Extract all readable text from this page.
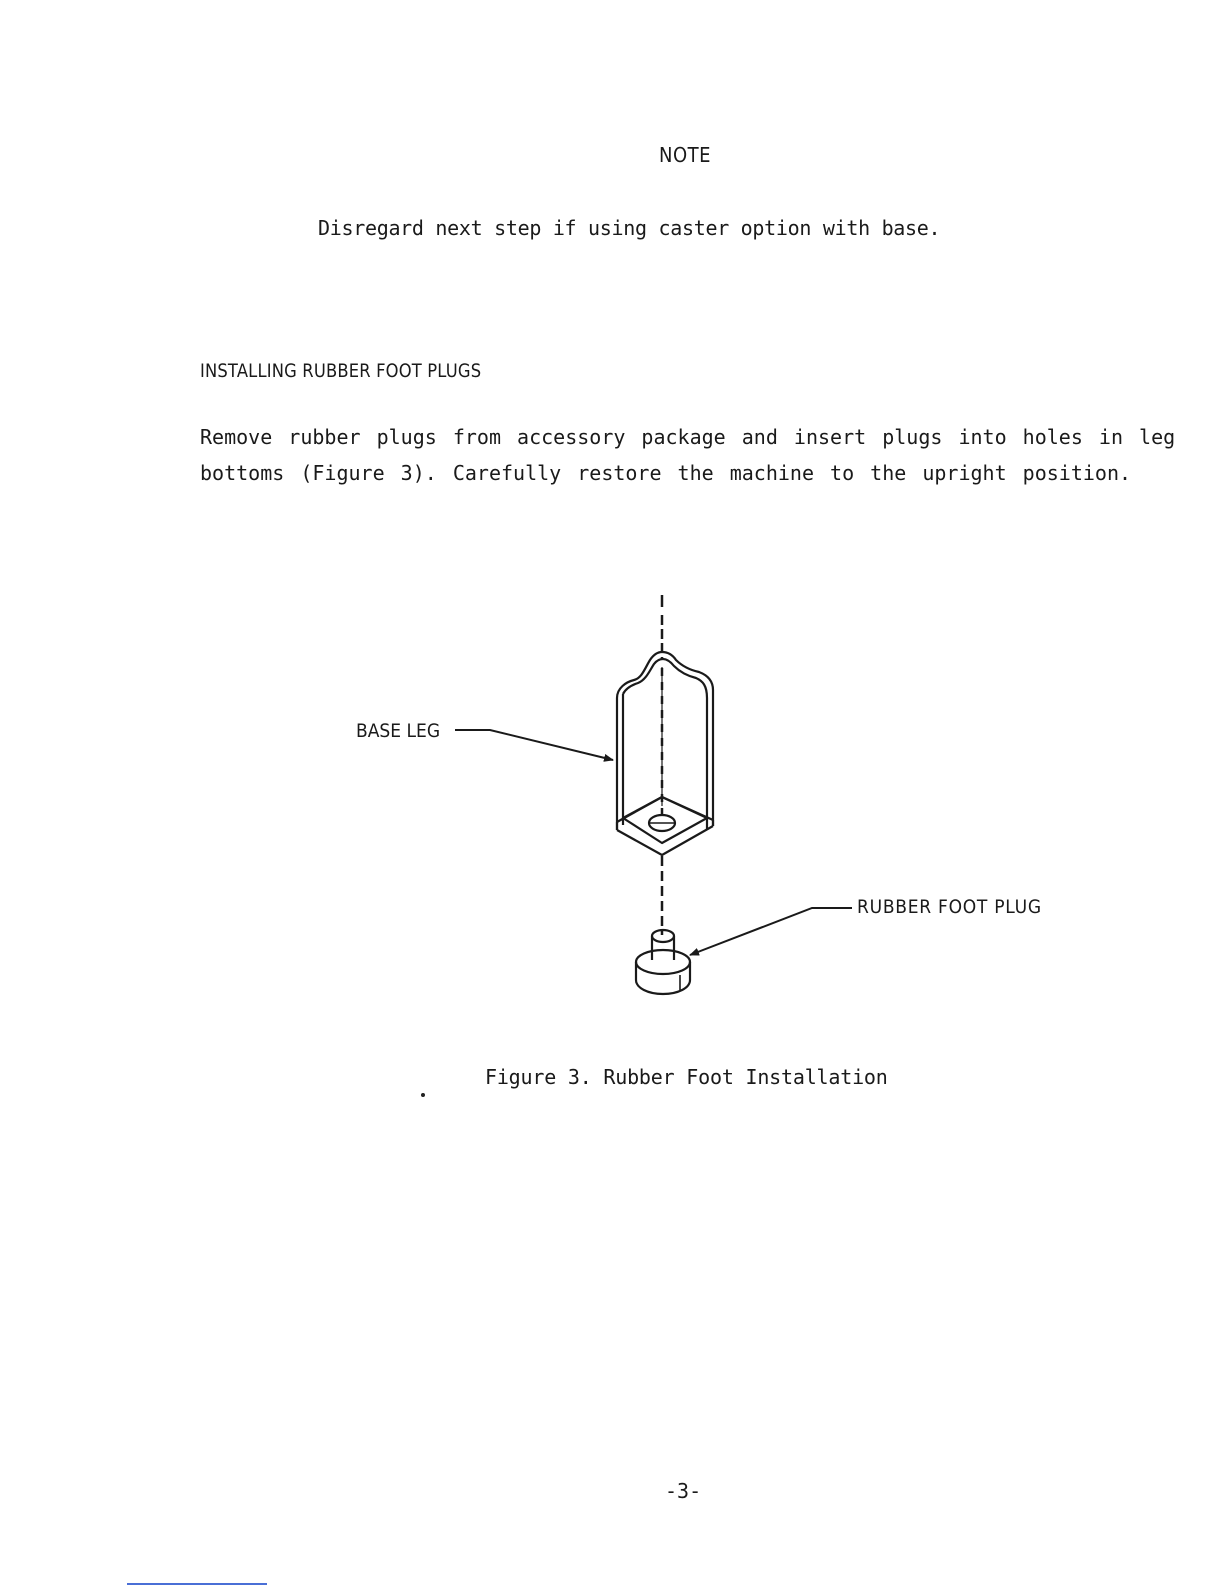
NOTE

Disregard next step if using caster option with base.

INSTALLING RUBBER FOOT PLUGS

Remove rubber plugs from accessory package and insert plugs into holes in leg

bottoms (Figure 3). Carefully restore the machine to the upright position.

BASE LEG

RUBBER FOOT PLUG

Figure 3. Rubber Foot Installation

-3-
